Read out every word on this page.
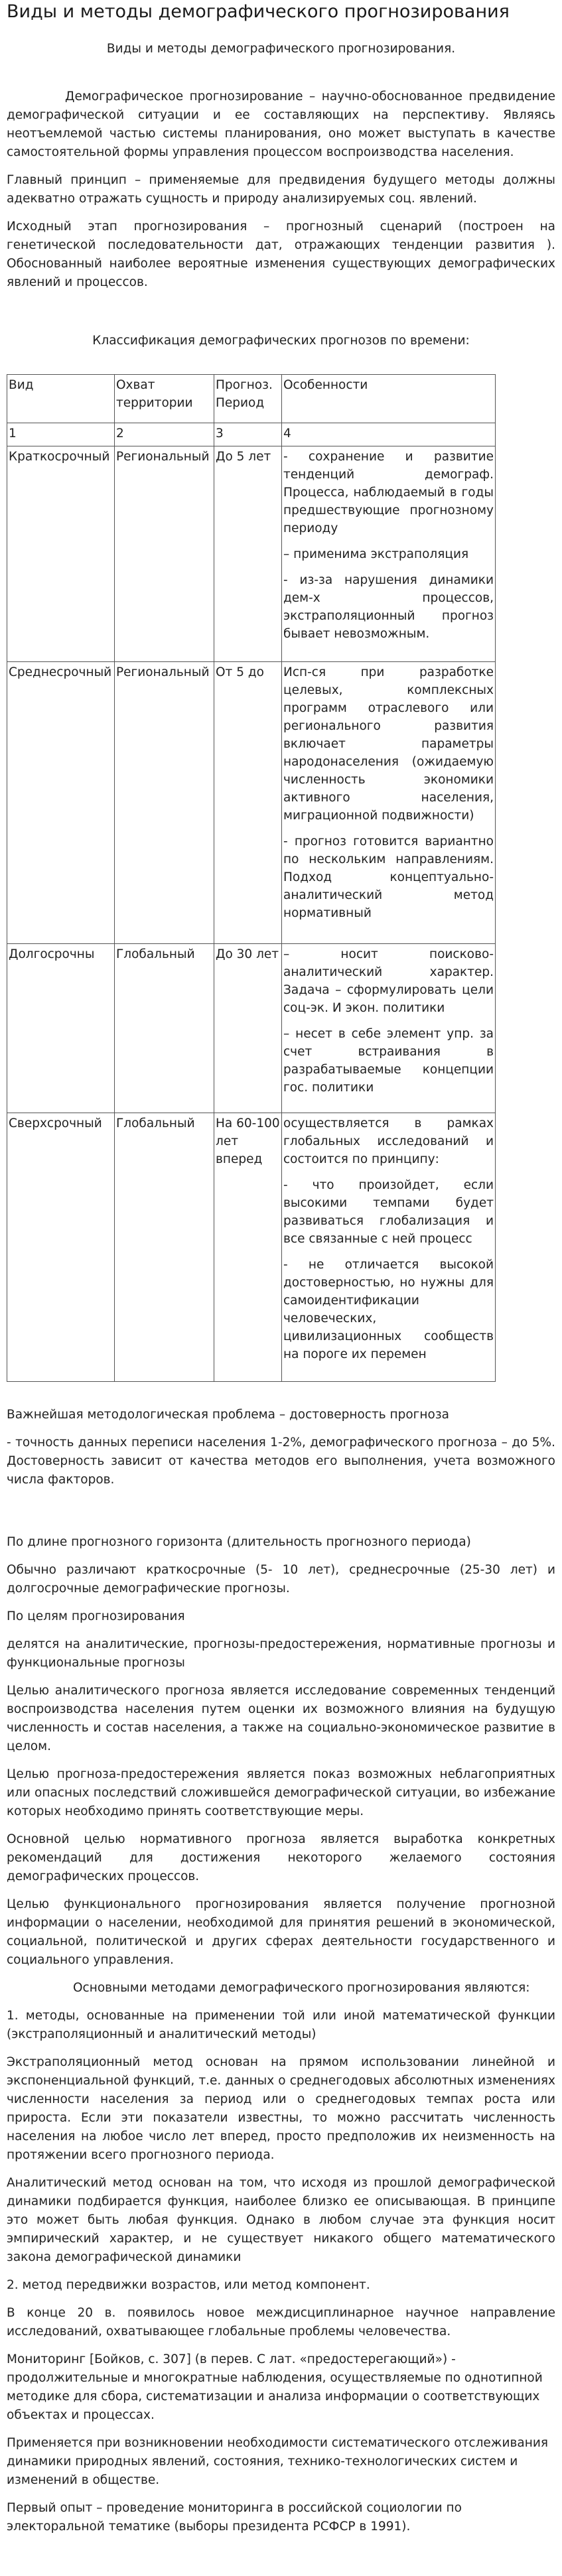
Виды и методы демографического прогнозирования

Виды и методы демографического прогнозирования.

Демографическое прогнозирование – научно-обоснованное предвидение демографической ситуации и ее составляющих на перспективу. Являясь неотъемлемой частью системы планирования, оно может выступать в качестве самостоятельной формы управления процессом воспроизводства населения.

Главный принцип – применяемые для предвидения будущего методы должны адекватно отражать сущность и природу анализируемых соц. явлений.

Исходный этап прогнозирования – прогнозный сценарий (построен на генетической последовательности дат, отражающих тенденции развития ). Обоснованный наиболее вероятные изменения существующих демографических явлений и процессов.

Классификация демографических прогнозов по времени:

Вид	Охват территории	Прогноз. Период	Особенности
1	2	3	4
Краткосрочный	Региональный	До 5 лет	- сохранение и развитие тенденций демограф. Процесса, наблюдаемый в годы предшествующие прогнозному периоду

– применима экстраполяция

- из-за нарушения динамики дем-х процессов, экстраполяционный прогноз бывает невозможным.

Среднесрочный	Региональный	От 5 до	Исп-ся при разработке целевых, комплексных программ отраслевого или регионального развития включает параметры народонаселения (ожидаемую численность экономики активного населения, миграционной подвижности)

- прогноз готовится вариантно по нескольким направлениям. Подход концептуально-аналитический метод нормативный

Долгосрочны	Глобальный	До 30 лет	– носит поисково-аналитический характер. Задача – сформулировать цели соц-эк. И экон. политики

– несет в себе элемент упр. за счет встраивания в разрабатываемые концепции гос. политики

Сверхсрочный	Глобальный	На 60-100 лет вперед	осуществляется в рамках глобальных исследований и состоится по принципу:

- что произойдет, если высокими темпами будет развиваться глобализация и все связанные с ней процесс

- не отличается высокой достоверностью, но нужны для самоидентификации человеческих, цивилизационных сообществ на пороге их перемен

Важнейшая методологическая проблема – достоверность прогноза

- точность данных переписи населения 1-2%, демографического прогноза – до 5%. Достоверность зависит от качества методов его выполнения, учета возможного числа факторов.

По длине прогнозного горизонта (длительность прогнозного периода)

Обычно различают краткосрочные (5- 10 лет), среднесрочные (25-30 лет) и долгосрочные демографические прогнозы.

По целям прогнозирования

делятся на аналитические, прогнозы-предостережения, нормативные прогнозы и функциональные прогнозы

Целью аналитического прогноза является исследование современных тенденций воспроизводства населения путем оценки их возможного влияния на будущую численность и состав населения, а также на социально-экономическое развитие в целом.

Целью прогноза-предостережения является показ возможных неблагоприятных или опасных последствий сложившейся демографической ситуации, во избежание которых необходимо принять соответствующие меры.

Основной целью нормативного прогноза является выработка конкретных рекомендаций для достижения некоторого желаемого состояния демографических процессов.

Целью функционального прогнозирования является получение прогнозной информации о населении, необходимой для принятия решений в экономической, социальной, политической и других сферах деятельности государственного и социального управления.

Основными методами демографического прогнозирования являются:

1. методы, основанные на применении той или иной математической функции (экстраполяционный и аналитический методы)

Экстраполяционный метод основан на прямом использовании линейной и экспоненциальной функций, т.е. данных о среднегодовых абсолютных изменениях численности населения за период или о среднегодовых темпах роста или прироста. Если эти показатели известны, то можно рассчитать численность населения на любое число лет вперед, просто предположив их неизменность на протяжении всего прогнозного периода.

Аналитический метод основан на том, что исходя из прошлой демографической динамики подбирается функция, наиболее близко ее описывающая. В принципе это может быть любая функция. Однако в любом случае эта функция носит эмпирический характер, и не существует никакого общего математического закона демографической динамики

2. метод передвижки возрастов, или метод компонент.

В конце 20 в. появилось новое междисциплинарное научное направление исследований, охватывающее глобальные проблемы человечества.

Мониторинг [Бойков, с. 307] (в перев. С лат. «предостерегающий») - продолжительные и многократные наблюдения, осуществляемые по однотипной методике для сбора, систематизации и анализа информации о соответствующих объектах и процессах.

Применяется при возникновении необходимости систематического отслеживания динамики природных явлений, состояния, технико-технологических систем и изменений в обществе.

Первый опыт – проведение мониторинга в российской социологии по электоральной тематике (выборы президента РСФСР в 1991).
